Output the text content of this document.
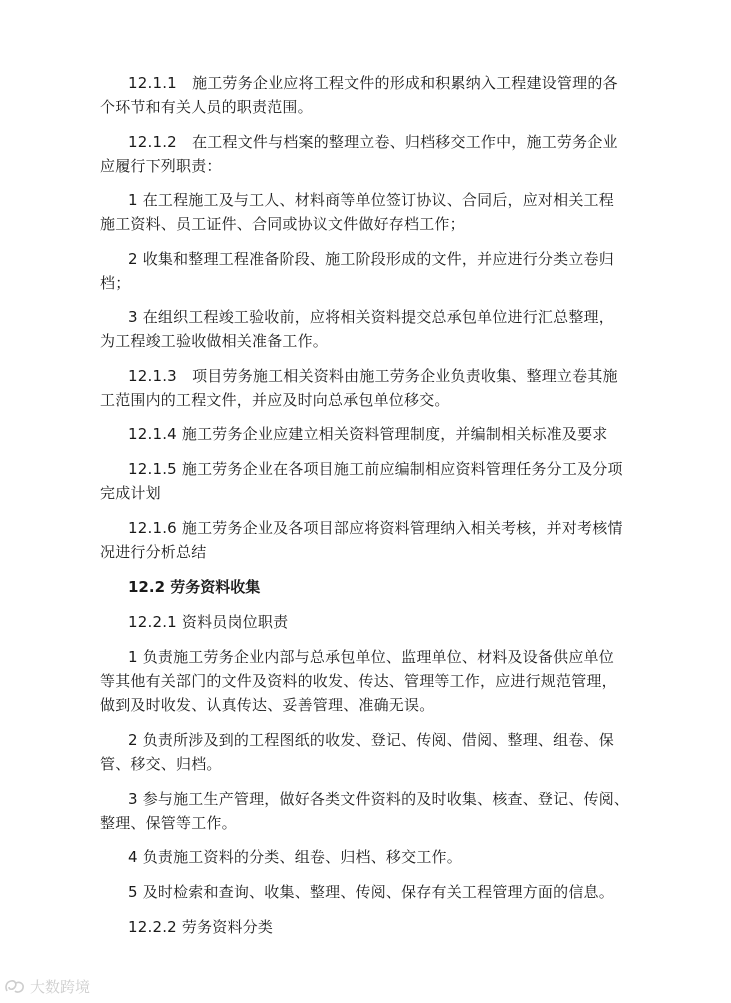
12.1.1　施工劳务企业应将工程文件的形成和积累纳入工程建设管理的各
个环节和有关人员的职责范围。
12.1.2　在工程文件与档案的整理立卷、归档移交工作中，施工劳务企业
应履行下列职责：
1 在工程施工及与工人、材料商等单位签订协议、合同后，应对相关工程
施工资料、员工证件、合同或协议文件做好存档工作；
2 收集和整理工程准备阶段、施工阶段形成的文件，并应进行分类立卷归
档；
3 在组织工程竣工验收前，应将相关资料提交总承包单位进行汇总整理，
为工程竣工验收做相关准备工作。
12.1.3　项目劳务施工相关资料由施工劳务企业负责收集、整理立卷其施
工范围内的工程文件，并应及时向总承包单位移交。
12.1.4 施工劳务企业应建立相关资料管理制度，并编制相关标准及要求
12.1.5 施工劳务企业在各项目施工前应编制相应资料管理任务分工及分项
完成计划
12.1.6 施工劳务企业及各项目部应将资料管理纳入相关考核，并对考核情
况进行分析总结
12.2 劳务资料收集
12.2.1 资料员岗位职责
1 负责施工劳务企业内部与总承包单位、监理单位、材料及设备供应单位
等其他有关部门的文件及资料的收发、传达、管理等工作，应进行规范管理，
做到及时收发、认真传达、妥善管理、准确无误。
2 负责所涉及到的工程图纸的收发、登记、传阅、借阅、整理、组卷、保
管、移交、归档。
3 参与施工生产管理，做好各类文件资料的及时收集、核查、登记、传阅、
整理、保管等工作。
4 负责施工资料的分类、组卷、归档、移交工作。
5 及时检索和查询、收集、整理、传阅、保存有关工程管理方面的信息。
12.2.2 劳务资料分类
大数跨境
